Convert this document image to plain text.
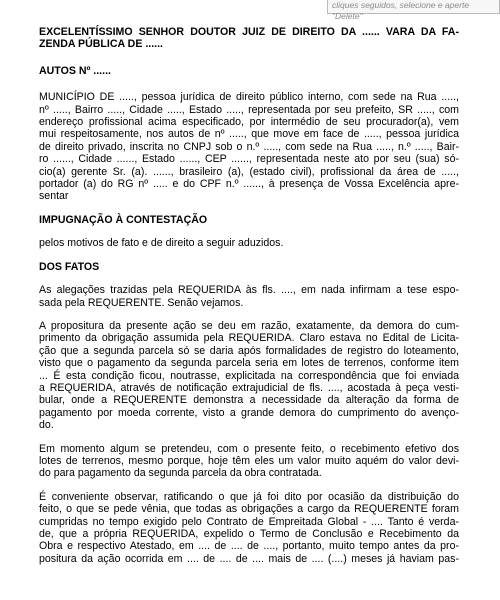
cliques seguidos, selecione e aperte "Delete"

EXCELENTÍSSIMO SENHOR DOUTOR JUIZ DE DIREITO DA ...... VARA DA FA-
ZENDA PÚBLICA DE ......

AUTOS Nº ......

MUNICÍPIO DE ....., pessoa jurídica de direito público interno, com sede na Rua .....,
nº ....., Bairro ....., Cidade ....., Estado ....., representada por seu prefeito, SR ....., com
endereço profissional acima especificado, por intermédio de seu procurador(a), vem
mui respeitosamente, nos autos de nº ....., que move em face de ....., pessoa jurídica
de direito privado, inscrita no CNPJ sob o n.º ....., com sede na Rua ....., n.º ....., Bair-
ro ......, Cidade ......, Estado ......, CEP ......, representada neste ato por seu (sua) só-
cio(a) gerente Sr. (a). ......, brasileiro (a), (estado civil), profissional da área de .....,
portador (a) do RG nº ..... e do CPF n.º ......, à presença de Vossa Excelência apre-
sentar

IMPUGNAÇÃO À CONTESTAÇÃO

pelos motivos de fato e de direito a seguir aduzidos.

DOS FATOS

As alegações trazidas pela REQUERIDA às fls. ...., em nada infirmam a tese espo-
sada pela REQUERENTE. Senão vejamos.

A propositura da presente ação se deu em razão, exatamente, da demora do cum-
primento da obrigação assumida pela REQUERIDA. Claro estava no Edital de Licita-
ção que a segunda parcela só se daria após formalidades de registro do loteamento,
visto que o pagamento da segunda parcela seria em lotes de terrenos, conforme item
... É esta condição ficou, noutrasse, explicitada na correspondência que foi enviada
a REQUERIDA, através de notificação extrajudicial de fls. ...., acostada à peça vesti-
bular, onde a REQUERENTE demonstra a necessidade da alteração da forma de
pagamento por moeda corrente, visto a grande demora do cumprimento do avenço-
do.

Em momento algum se pretendeu, com o presente feito, o recebimento efetivo dos
lotes de terrenos, mesmo porque, hoje têm eles um valor muito aquém do valor devi-
do para pagamento da segunda parcela da obra contratada.

É conveniente observar, ratificando o que já foi dito por ocasião da distribuição do
feito, o que se pede vênia, que todas as obrigações a cargo da REQUERENTE foram
cumpridas no tempo exigido pelo Contrato de Empreitada Global - .... Tanto é verda-
de, que a própria REQUERIDA, expelido o Termo de Conclusão e Recebimento da
Obra e respectivo Atestado, em .... de .... de ...., portanto, muito tempo antes da pro-
positura da ação ocorrida em .... de .... de .... mais de .... (....) meses já haviam pas-
